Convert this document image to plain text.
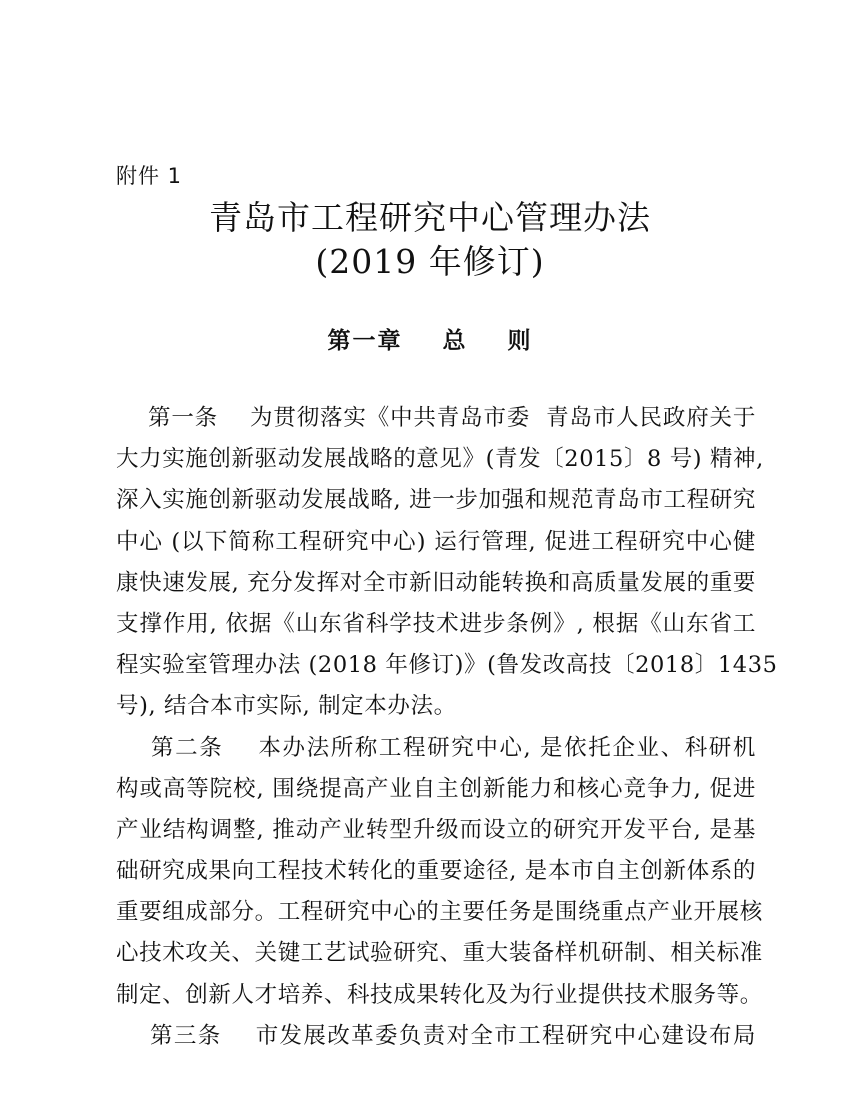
附件 1
青岛市工程研究中心管理办法
(2019 年修订)
第一章    总    则
第一条    为贯彻落实《中共青岛市委  青岛市人民政府关于
大力实施创新驱动发展战略的意见》(青发〔2015〕8 号) 精神,
深入实施创新驱动发展战略, 进一步加强和规范青岛市工程研究
中心 (以下简称工程研究中心) 运行管理, 促进工程研究中心健
康快速发展, 充分发挥对全市新旧动能转换和高质量发展的重要
支撑作用, 依据《山东省科学技术进步条例》, 根据《山东省工
程实验室管理办法 (2018 年修订)》(鲁发改高技〔2018〕1435
号), 结合本市实际, 制定本办法。
第二条    本办法所称工程研究中心, 是依托企业、科研机
构或高等院校, 围绕提高产业自主创新能力和核心竞争力, 促进
产业结构调整, 推动产业转型升级而设立的研究开发平台, 是基
础研究成果向工程技术转化的重要途径, 是本市自主创新体系的
重要组成部分。工程研究中心的主要任务是围绕重点产业开展核
心技术攻关、关键工艺试验研究、重大装备样机研制、相关标准
制定、创新人才培养、科技成果转化及为行业提供技术服务等。
第三条    市发展改革委负责对全市工程研究中心建设布局
